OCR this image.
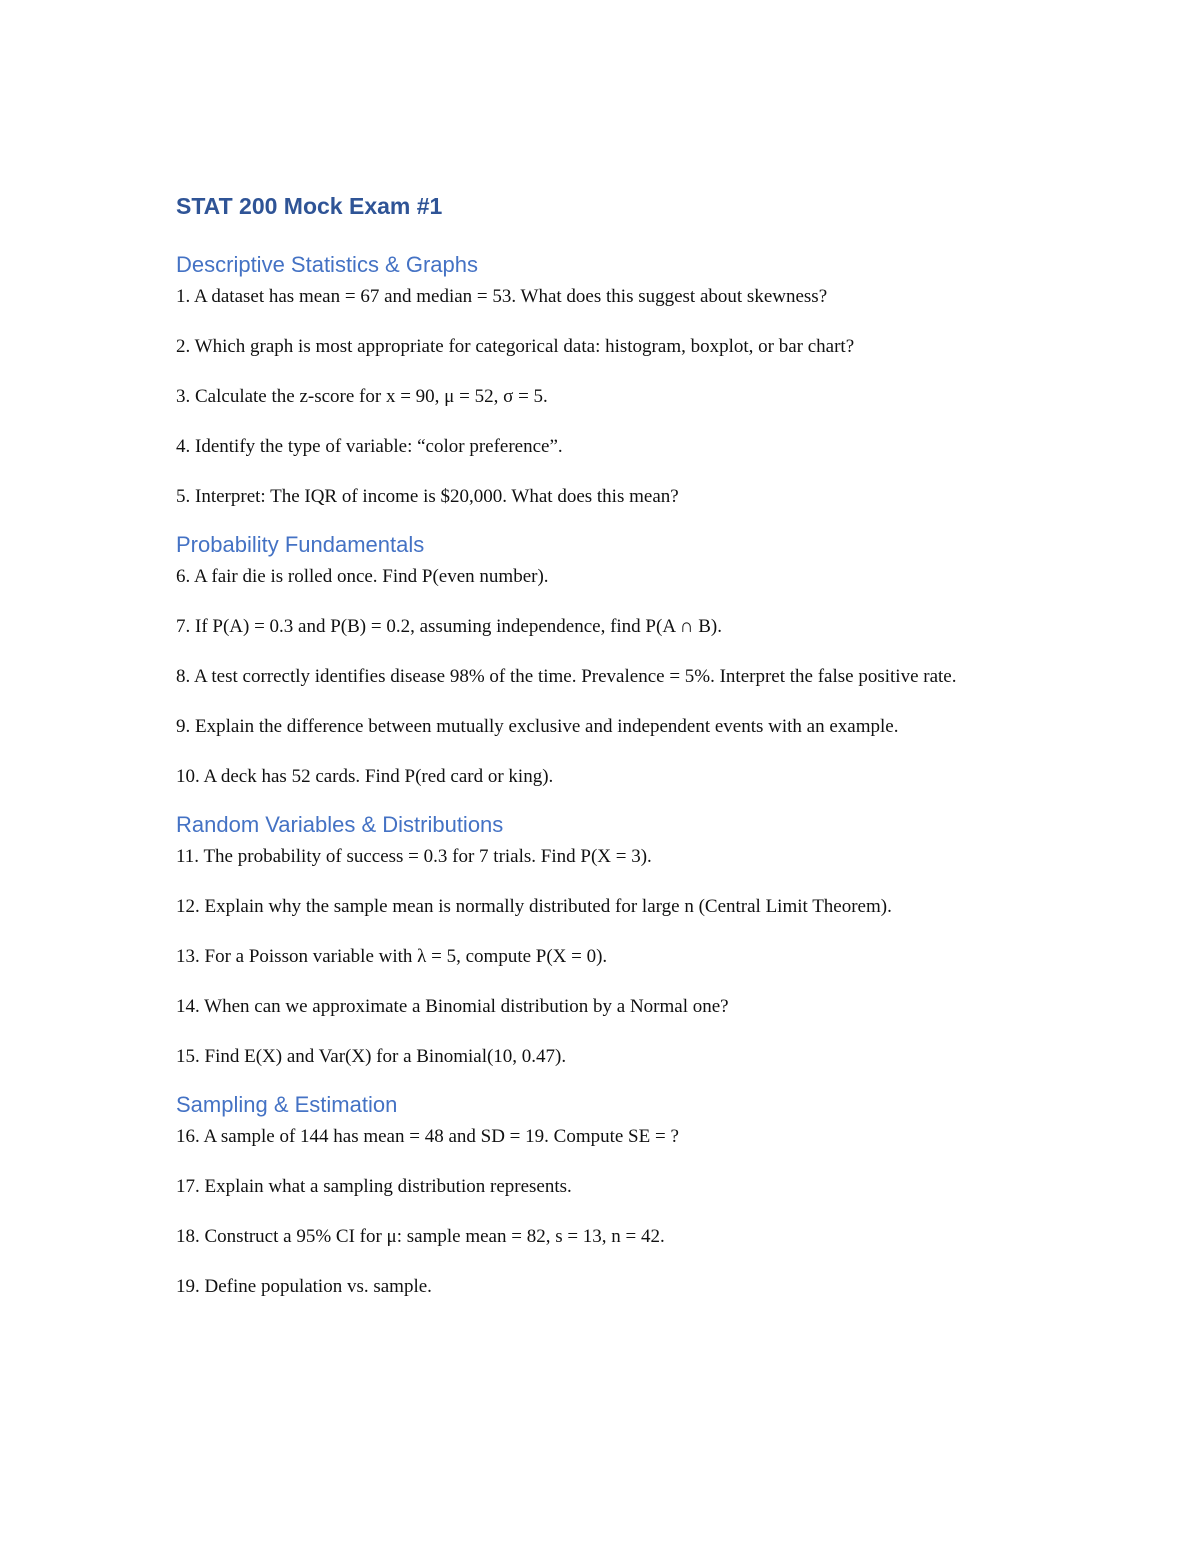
STAT 200 Mock Exam #1
Descriptive Statistics & Graphs

1. A dataset has mean = 67 and median = 53. What does this suggest about skewness?

2. Which graph is most appropriate for categorical data: histogram, boxplot, or bar chart?

3. Calculate the z-score for x = 90, μ = 52, σ = 5.

4. Identify the type of variable: “color preference”.

5. Interpret: The IQR of income is $20,000. What does this mean?

Probability Fundamentals

6. A fair die is rolled once. Find P(even number).

7. If P(A) = 0.3 and P(B) = 0.2, assuming independence, find P(A ∩ B).

8. A test correctly identifies disease 98% of the time. Prevalence = 5%. Interpret the false positive rate.

9. Explain the difference between mutually exclusive and independent events with an example.

10. A deck has 52 cards. Find P(red card or king).

Random Variables & Distributions

11. The probability of success = 0.3 for 7 trials. Find P(X = 3).

12. Explain why the sample mean is normally distributed for large n (Central Limit Theorem).

13. For a Poisson variable with λ = 5, compute P(X = 0).

14. When can we approximate a Binomial distribution by a Normal one?

15. Find E(X) and Var(X) for a Binomial(10, 0.47).

Sampling & Estimation

16. A sample of 144 has mean = 48 and SD = 19. Compute SE = ?

17. Explain what a sampling distribution represents.

18. Construct a 95% CI for μ: sample mean = 82, s = 13, n = 42.

19. Define population vs. sample.
